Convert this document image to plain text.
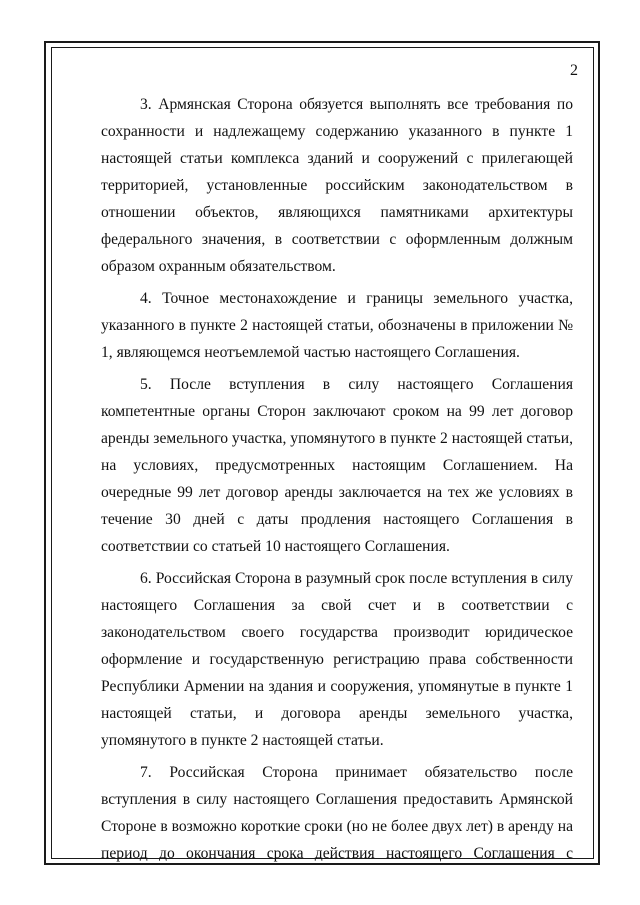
2

3. Армянская Сторона обязуется выполнять все требования по сохранности и надлежащему содержанию указанного в пункте 1 настоящей статьи комплекса зданий и сооружений с прилегающей территорией, установленные российским законодательством в отношении объектов, являющихся памятниками архитектуры федерального значения, в соответствии с оформленным должным образом охранным обязательством.

4. Точное местонахождение и границы земельного участка, указанного в пункте 2 настоящей статьи, обозначены в приложении № 1, являющемся неотъемлемой частью настоящего Соглашения.

5. После вступления в силу настоящего Соглашения компетентные органы Сторон заключают сроком на 99 лет договор аренды земельного участка, упомянутого в пункте 2 настоящей статьи, на условиях, предусмотренных настоящим Соглашением. На очередные 99 лет договор аренды заключается на тех же условиях в течение 30 дней с даты продления настоящего Соглашения в соответствии со статьей 10 настоящего Соглашения.

6. Российская Сторона в разумный срок после вступления в силу настоящего Соглашения за свой счет и в соответствии с законодательством своего государства производит юридическое оформление и государственную регистрацию права собственности Республики Армении на здания и сооружения, упомянутые в пункте 1 настоящей статьи, и договора аренды земельного участка, упомянутого в пункте 2 настоящей статьи.

7. Российская Сторона принимает обязательство после вступления в силу настоящего Соглашения предоставить Армянской Стороне в возможно короткие сроки (но не более двух лет) в аренду на период до окончания срока действия настоящего Соглашения с
